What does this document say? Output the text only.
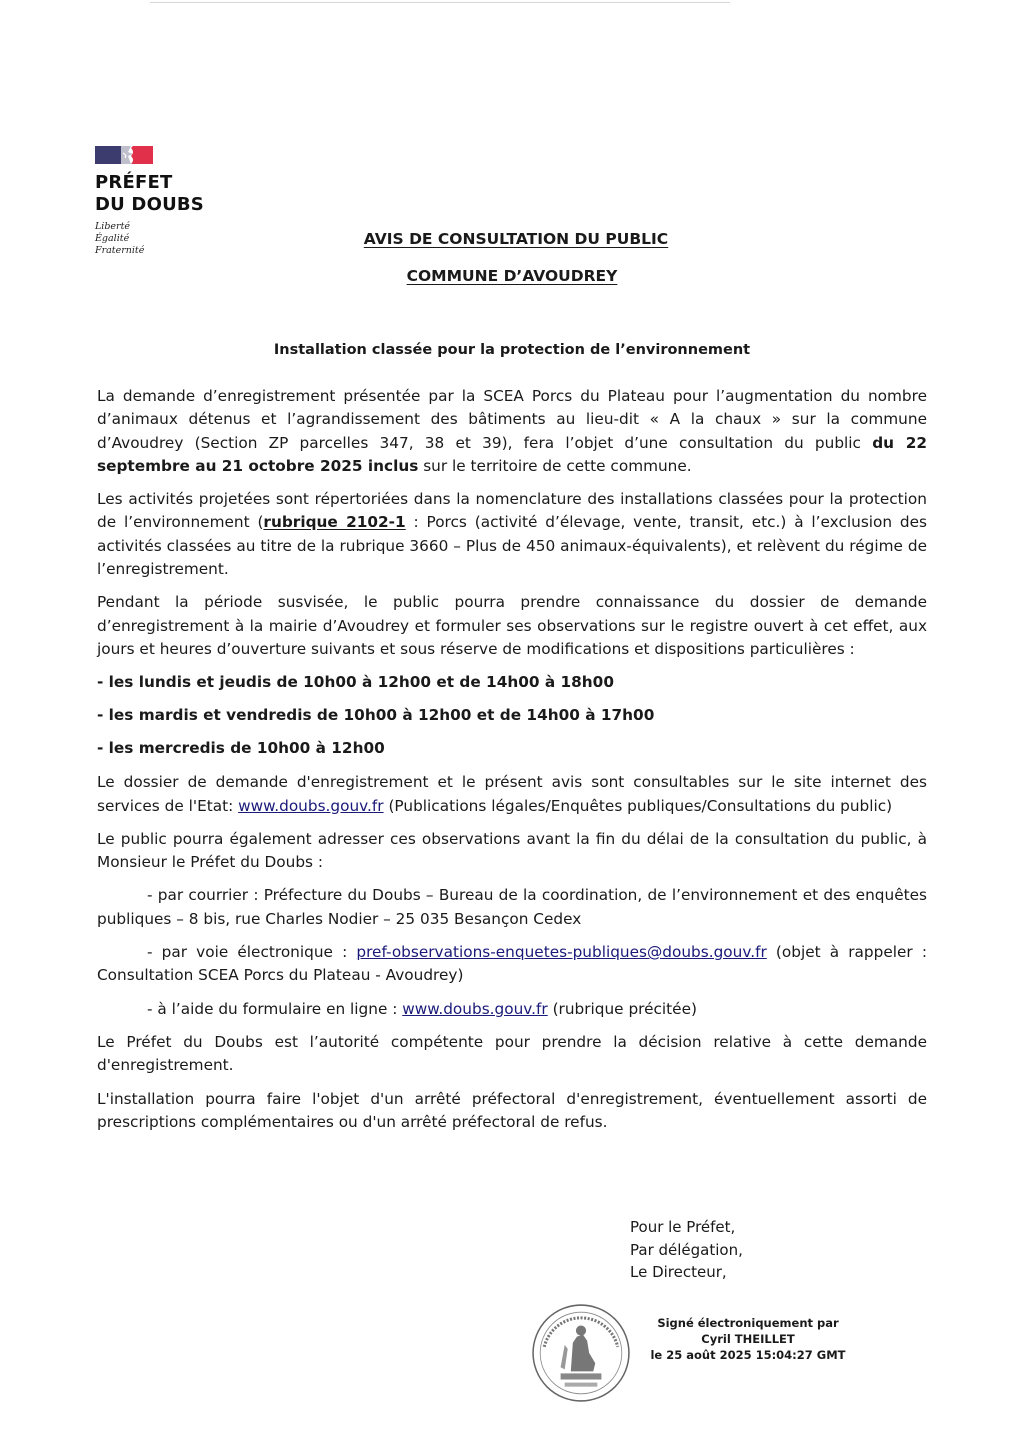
PRÉFET
DU DOUBS
Liberté
Égalité
Fraternité
AVIS DE CONSULTATION DU PUBLIC
COMMUNE D’AVOUDREY
Installation classée pour la protection de l’environnement

La demande d’enregistrement présentée par la SCEA Porcs du Plateau pour l’augmentation du nombre d’animaux détenus et l’agrandissement des bâtiments au lieu-dit « A la chaux » sur la commune d’Avoudrey (Section ZP parcelles 347, 38 et 39), fera l’objet d’une consultation du public du 22 septembre au 21 octobre 2025 inclus sur le territoire de cette commune.

Les activités projetées sont répertoriées dans la nomenclature des installations classées pour la protection de l’environnement (rubrique 2102-1 : Porcs (activité d’élevage, vente, transit, etc.) à l’exclusion des activités classées au titre de la rubrique 3660 – Plus de 450 animaux-équivalents), et relèvent du régime de l’enregistrement.

Pendant la période susvisée, le public pourra prendre connaissance du dossier de demande d’enregistrement à la mairie d’Avoudrey et formuler ses observations sur le registre ouvert à cet effet, aux jours et heures d’ouverture suivants et sous réserve de modifications et dispositions particulières :

- les lundis et jeudis de 10h00 à 12h00 et de 14h00 à 18h00
- les mardis et vendredis de 10h00 à 12h00 et de 14h00 à 17h00
- les mercredis de 10h00 à 12h00

Le dossier de demande d'enregistrement et le présent avis sont consultables sur le site internet des services de l'Etat: www.doubs.gouv.fr (Publications légales/Enquêtes publiques/Consultations du public)

Le public pourra également adresser ces observations avant la fin du délai de la consultation du public, à Monsieur le Préfet du Doubs :

- par courrier : Préfecture du Doubs – Bureau de la coordination, de l’environnement et des enquêtes publiques – 8 bis, rue Charles Nodier – 25 035 Besançon Cedex

- par voie électronique : pref-observations-enquetes-publiques@doubs.gouv.fr (objet à rappeler : Consultation SCEA Porcs du Plateau - Avoudrey)

- à l’aide du formulaire en ligne : www.doubs.gouv.fr (rubrique précitée)

Le Préfet du Doubs est l’autorité compétente pour prendre la décision relative à cette demande d'enregistrement.

L'installation pourra faire l'objet d'un arrêté préfectoral d'enregistrement, éventuellement assorti de prescriptions complémentaires ou d'un arrêté préfectoral de refus.

Pour le Préfet,
Par délégation,
Le Directeur,
Signé électroniquement par
Cyril THEILLET
le 25 août 2025 15:04:27 GMT
